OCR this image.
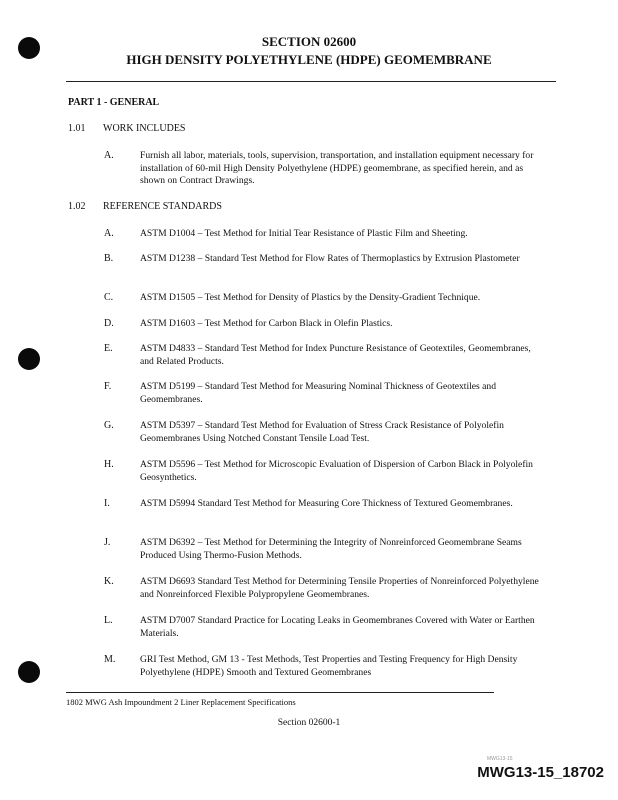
SECTION 02600
HIGH DENSITY POLYETHYLENE (HDPE) GEOMEMBRANE
PART 1 - GENERAL
1.01 WORK INCLUDES
A.	Furnish all labor, materials, tools, supervision, transportation, and installation equipment necessary for installation of 60-mil High Density Polyethylene (HDPE) geomembrane, as specified herein, and as shown on Contract Drawings.
1.02 REFERENCE STANDARDS
A.	ASTM D1004 – Test Method for Initial Tear Resistance of Plastic Film and Sheeting.
B.	ASTM D1238 – Standard Test Method for Flow Rates of Thermoplastics by Extrusion Plastometer
C.	ASTM D1505 – Test Method for Density of Plastics by the Density-Gradient Technique.
D.	ASTM D1603 – Test Method for Carbon Black in Olefin Plastics.
E.	ASTM D4833 – Standard Test Method for Index Puncture Resistance of Geotextiles, Geomembranes, and Related Products.
F.	ASTM D5199 – Standard Test Method for Measuring Nominal Thickness of Geotextiles and Geomembranes.
G.	ASTM D5397 – Standard Test Method for Evaluation of Stress Crack Resistance of Polyolefin Geomembranes Using Notched Constant Tensile Load Test.
H.	ASTM D5596 – Test Method for Microscopic Evaluation of Dispersion of Carbon Black in Polyolefin Geosynthetics.
I.	ASTM D5994 Standard Test Method for Measuring Core Thickness of Textured Geomembranes.
J.	ASTM D6392 – Test Method for Determining the Integrity of Nonreinforced Geomembrane Seams Produced Using Thermo-Fusion Methods.
K.	ASTM D6693 Standard Test Method for Determining Tensile Properties of Nonreinforced Polyethylene and Nonreinforced Flexible Polypropylene Geomembranes.
L.	ASTM D7007 Standard Practice for Locating Leaks in Geomembranes Covered with Water or Earthen Materials.
M.	GRI Test Method, GM 13 - Test Methods, Test Properties and Testing Frequency for High Density Polyethylene (HDPE) Smooth and Textured Geomembranes
1802 MWG Ash Impoundment 2 Liner Replacement Specifications
Section 02600-1
MWG13-15
MWG13-15_18702
